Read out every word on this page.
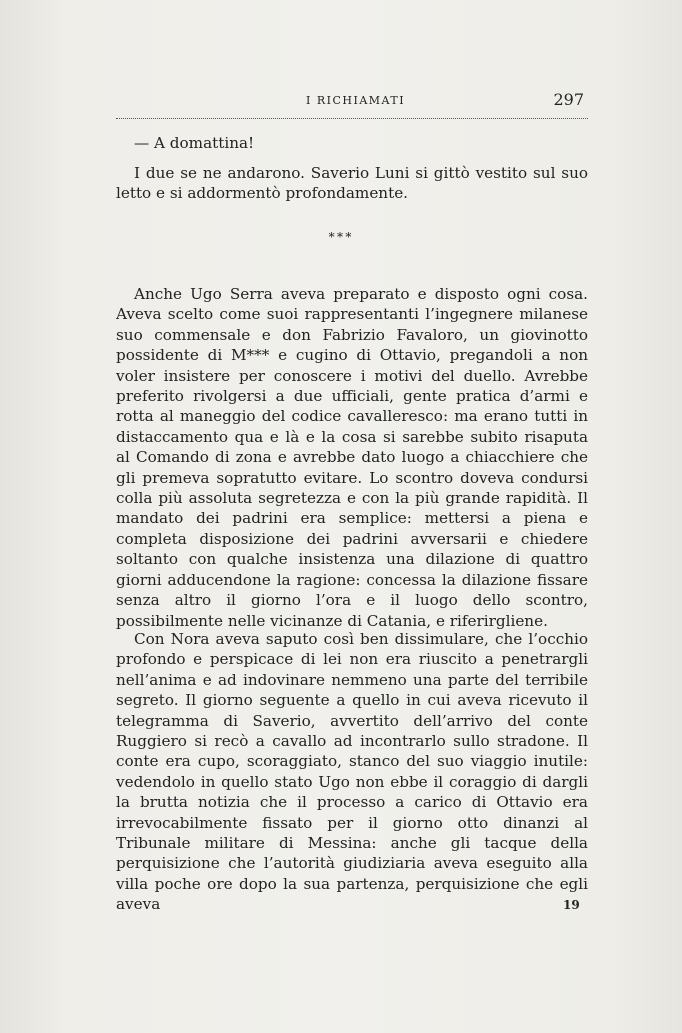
I RICHIAMATI	297

— A domattina!

I due se ne andarono. Saverio Luni si gittò vestito sul suo letto e si addormentò profondamente.

* * *

Anche Ugo Serra aveva preparato e disposto ogni cosa. Aveva scelto come suoi rappresentanti l’ingegnere milanese suo commensale e don Fabrizio Favaloro, un giovinotto possidente di M*** e cugino di Ottavio, pregandoli a non voler insistere per conoscere i motivi del duello. Avrebbe preferito rivolgersi a due ufficiali, gente pratica d’armi e rotta al maneggio del codice cavalleresco: ma erano tutti in distaccamento qua e là e la cosa si sarebbe subito risaputa al Comando di zona e avrebbe dato luogo a chiacchiere che gli premeva sopratutto evitare. Lo scontro doveva condursi colla più assoluta segretezza e con la più grande rapidità. Il mandato dei padrini era semplice: mettersi a piena e completa disposizione dei padrini avversarii e chiedere soltanto con qualche insistenza una dilazione di quattro giorni adducendone la ragione: concessa la dilazione fissare senza altro il giorno l’ora e il luogo dello scontro, possibilmente nelle vicinanze di Catania, e riferirgliene.

Con Nora aveva saputo così ben dissimulare, che l’occhio profondo e perspicace di lei non era riuscito a penetrargli nell’anima e ad indovinare nemmeno una parte del terribile segreto. Il giorno seguente a quello in cui aveva ricevuto il telegramma di Saverio, avvertito dell’arrivo del conte Ruggiero si recò a cavallo ad incontrarlo sullo stradone. Il conte era cupo, scoraggiato, stanco del suo viaggio inutile: vedendolo in quello stato Ugo non ebbe il coraggio di dargli la brutta notizia che il processo a carico di Ottavio era irrevocabilmente fissato per il giorno otto dinanzi al Tribunale militare di Messina: anche gli tacque della perquisizione che l’autorità giudiziaria aveva eseguito alla villa poche ore dopo la sua partenza, perquisizione che egli aveva	19
